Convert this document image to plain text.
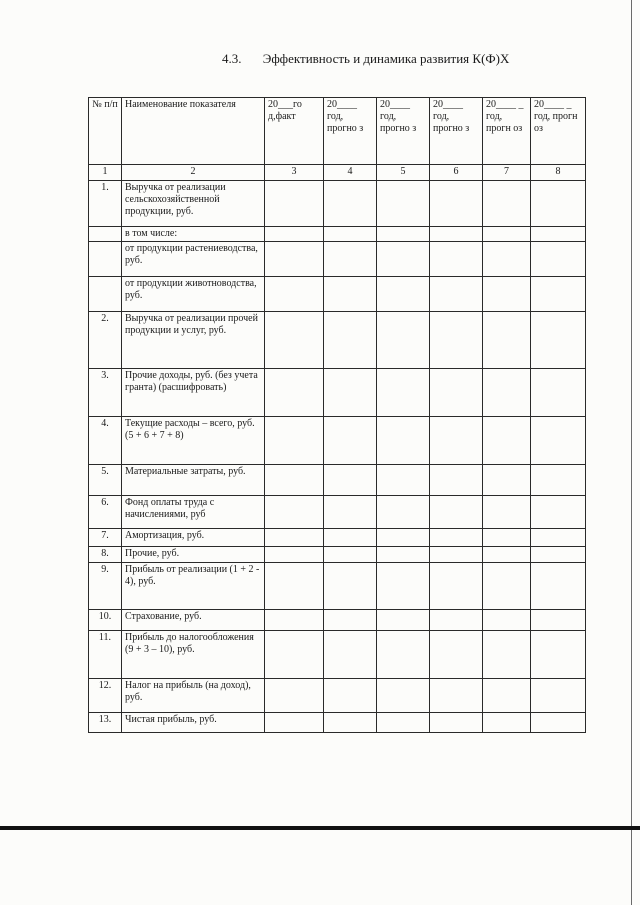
4.3. Эффективность и динамика развития К(Ф)Х
№ п/п	Наименование показателя	20___го д,факт	20____ год, прогно з	20____ год, прогно з	20____ год, прогно з	20____ _ год, прогн оз	20____ _ год, прогн оз
1	2	3	4	5	6	7	8
1.	Выручка от реализации сельскохозяйственной продукции, руб.						
	в том числе:						
	от продукции растениеводства, руб.						
	от продукции животноводства, руб.						
2.	Выручка от реализации прочей продукции и услуг, руб.						
3.	Прочие доходы, руб. (без учета гранта) (расшифровать)						
4.	Текущие расходы – всего, руб. (5 + 6 + 7 + 8)						
5.	Материальные затраты, руб.						
6.	Фонд оплаты труда с начислениями, руб						
7.	Амортизация, руб.						
8.	Прочие, руб.						
9.	Прибыль от реализации (1 + 2 - 4), руб.						
10.	Страхование, руб.						
11.	Прибыль до налогообложения (9 + 3 – 10), руб.						
12.	Налог на прибыль (на доход), руб.						
13.	Чистая прибыль, руб.						
